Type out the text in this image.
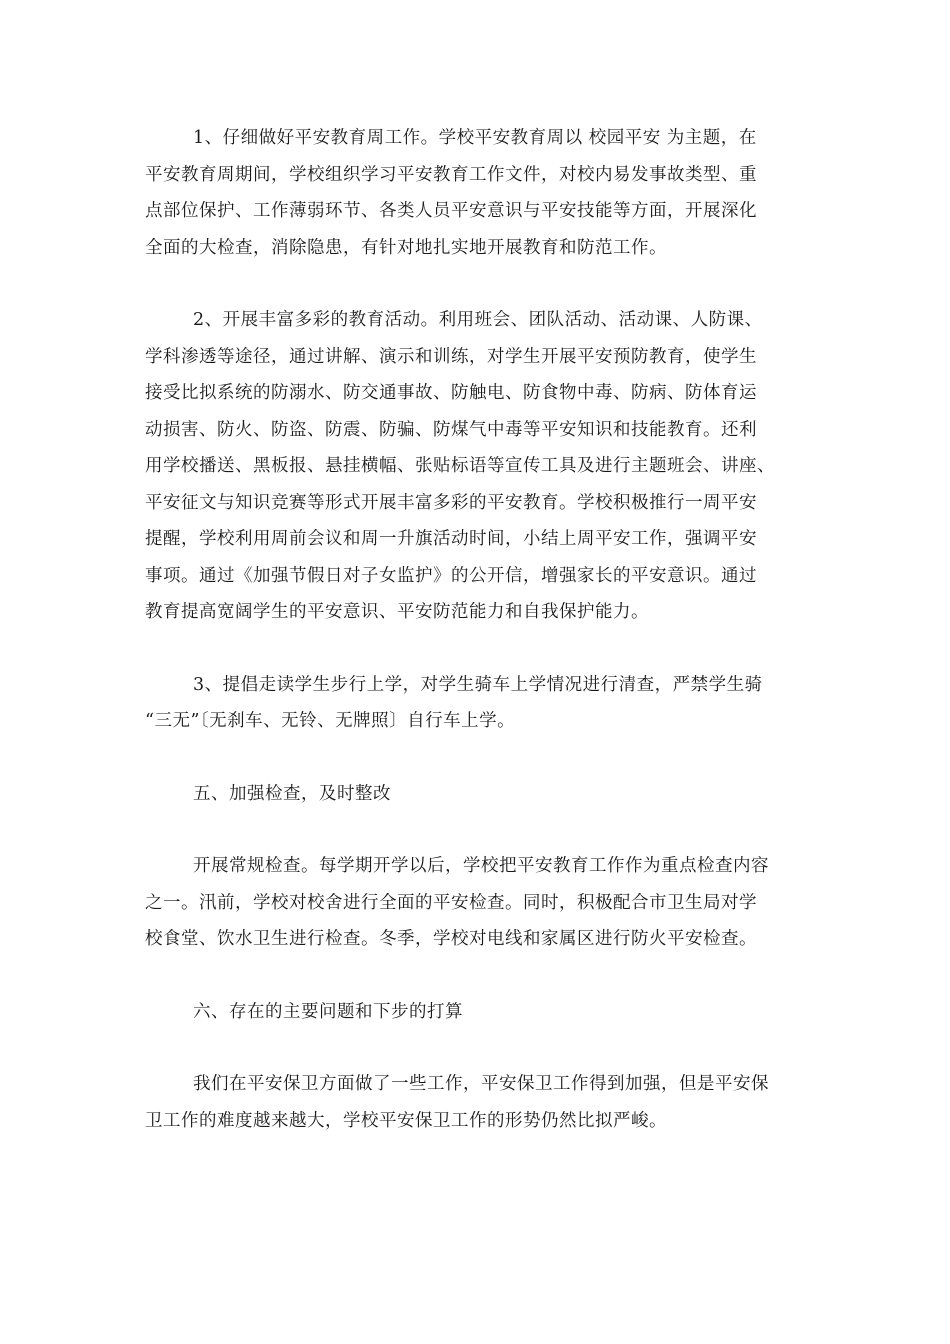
1、仔细做好平安教育周工作。学校平安教育周以 校园平安 为主题，在
平安教育周期间，学校组织学习平安教育工作文件，对校内易发事故类型、重
点部位保护、工作薄弱环节、各类人员平安意识与平安技能等方面，开展深化
全面的大检查，消除隐患，有针对地扎实地开展教育和防范工作。

2、开展丰富多彩的教育活动。利用班会、团队活动、活动课、人防课、
学科渗透等途径，通过讲解、演示和训练，对学生开展平安预防教育，使学生
接受比拟系统的防溺水、防交通事故、防触电、防食物中毒、防病、防体育运
动损害、防火、防盗、防震、防骗、防煤气中毒等平安知识和技能教育。还利
用学校播送、黑板报、悬挂横幅、张贴标语等宣传工具及进行主题班会、讲座、
平安征文与知识竞赛等形式开展丰富多彩的平安教育。学校积极推行一周平安
提醒，学校利用周前会议和周一升旗活动时间，小结上周平安工作，强调平安
事项。通过《加强节假日对子女监护》的公开信，增强家长的平安意识。通过
教育提高宽阔学生的平安意识、平安防范能力和自我保护能力。

3、提倡走读学生步行上学，对学生骑车上学情况进行清查，严禁学生骑
“三无”〔无刹车、无铃、无牌照〕自行车上学。

五、加强检查，及时整改

开展常规检查。每学期开学以后，学校把平安教育工作作为重点检查内容
之一。汛前，学校对校舍进行全面的平安检查。同时，积极配合市卫生局对学
校食堂、饮水卫生进行检查。冬季，学校对电线和家属区进行防火平安检查。

六、存在的主要问题和下步的打算

我们在平安保卫方面做了一些工作，平安保卫工作得到加强，但是平安保
卫工作的难度越来越大，学校平安保卫工作的形势仍然比拟严峻。
